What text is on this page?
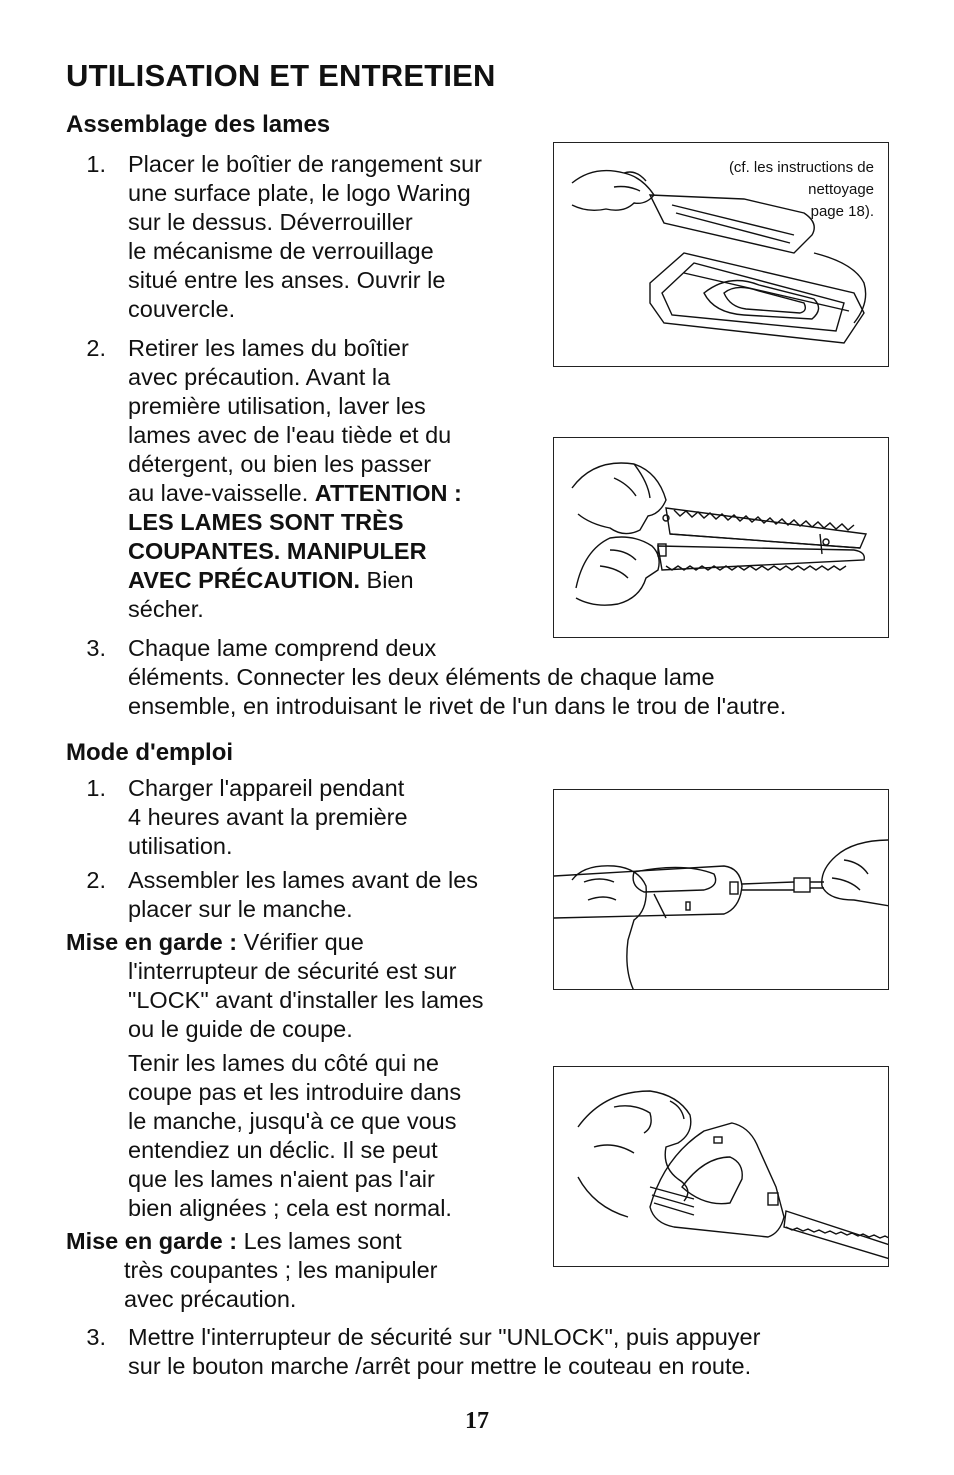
UTILISATION ET ENTRETIEN
Assemblage des lames
1. Placer le boîtier de rangement sur
une surface plate, le logo Waring
sur le dessus. Déverrouiller
le mécanisme de verrouillage
situé entre les anses. Ouvrir le
couvercle.
2. Retirer les lames du boîtier
avec précaution. Avant la
première utilisation, laver les
lames avec de l'eau tiède et du
détergent, ou bien les passer
au lave-vaisselle. ATTENTION :
LES LAMES SONT TRÈS
COUPANTES. MANIPULER
AVEC PRÉCAUTION. Bien
sécher.
3. Chaque lame comprend deux
éléments. Connecter les deux éléments de chaque lame
ensemble, en introduisant le rivet de l'un dans le trou de l'autre.
(cf. les instructions de
nettoyage
page 18).
Mode d'emploi
1. Charger l'appareil pendant
4 heures avant la première
utilisation.
2. Assembler les lames avant de les
placer sur le manche.
Mise en garde : Vérifier que
l'interrupteur de sécurité est sur
"LOCK" avant d'installer les lames
ou le guide de coupe.
Tenir les lames du côté qui ne
coupe pas et les introduire dans
le manche, jusqu'à ce que vous
entendiez un déclic. Il se peut
que les lames n'aient pas l'air
bien alignées ; cela est normal.
Mise en garde : Les lames sont
très coupantes ; les manipuler
avec précaution.
3. Mettre l'interrupteur de sécurité sur "UNLOCK", puis appuyer
sur le bouton marche /arrêt pour mettre le couteau en route.
17
